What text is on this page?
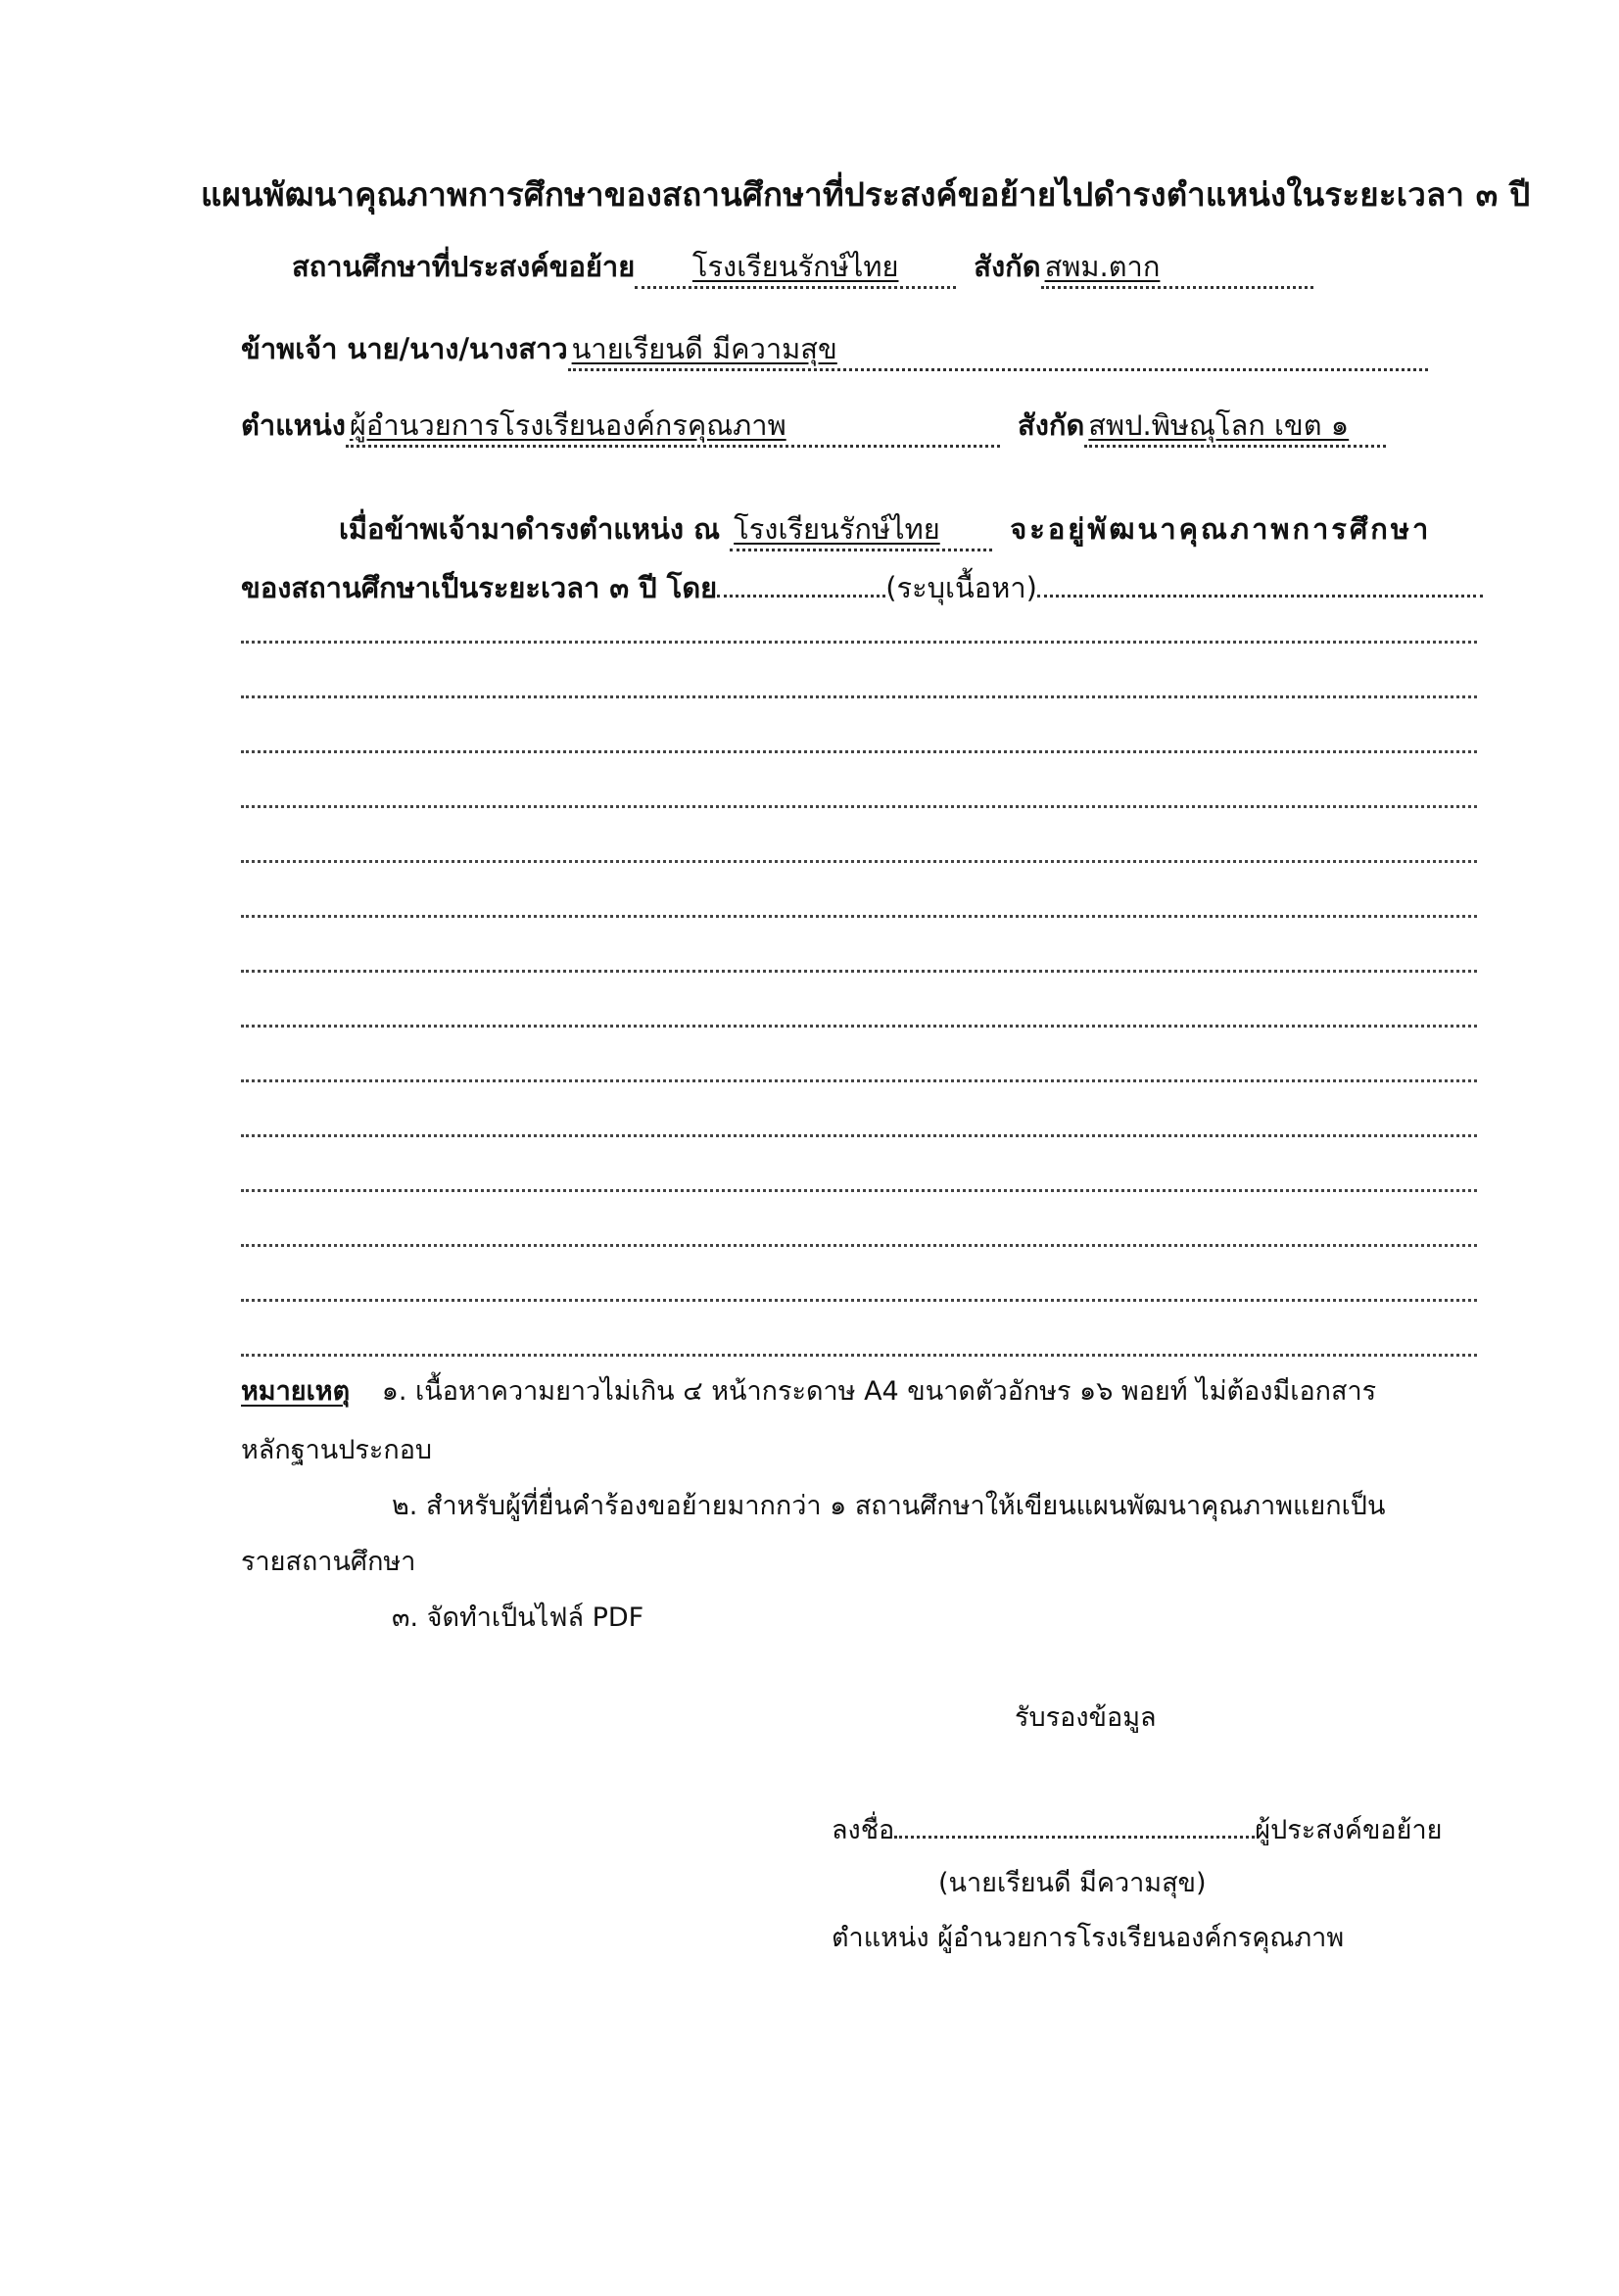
แผนพัฒนาคุณภาพการศึกษาของสถานศึกษาที่ประสงค์ขอย้ายไปดำรงตำแหน่งในระยะเวลา ๓ ปี
สถานศึกษาที่ประสงค์ขอย้าย โรงเรียนรักษ์ไทย	สังกัด สพม.ตาก
ข้าพเจ้า นาย/นาง/นางสาว นายเรียนดี มีความสุข
ตำแหน่ง ผู้อำนวยการโรงเรียนองค์กรคุณภาพ	สังกัด สพป.พิษณุโลก เขต ๑
เมื่อข้าพเจ้ามาดำรงตำแหน่ง ณ โรงเรียนรักษ์ไทย จะอยู่พัฒนาคุณภาพการศึกษา
ของสถานศึกษาเป็นระยะเวลา ๓ ปี โดย	(ระบุเนื้อหา)
หมายเหตุ ๑. เนื้อหาความยาวไม่เกิน ๔ หน้ากระดาษ A4 ขนาดตัวอักษร ๑๖ พอยท์ ไม่ต้องมีเอกสาร
หลักฐานประกอบ
๒. สำหรับผู้ที่ยื่นคำร้องขอย้ายมากกว่า ๑ สถานศึกษาให้เขียนแผนพัฒนาคุณภาพแยกเป็น
รายสถานศึกษา
๓. จัดทำเป็นไฟล์ PDF
รับรองข้อมูล
ลงชื่อ	ผู้ประสงค์ขอย้าย
(นายเรียนดี มีความสุข)
ตำแหน่ง ผู้อำนวยการโรงเรียนองค์กรคุณภาพ
